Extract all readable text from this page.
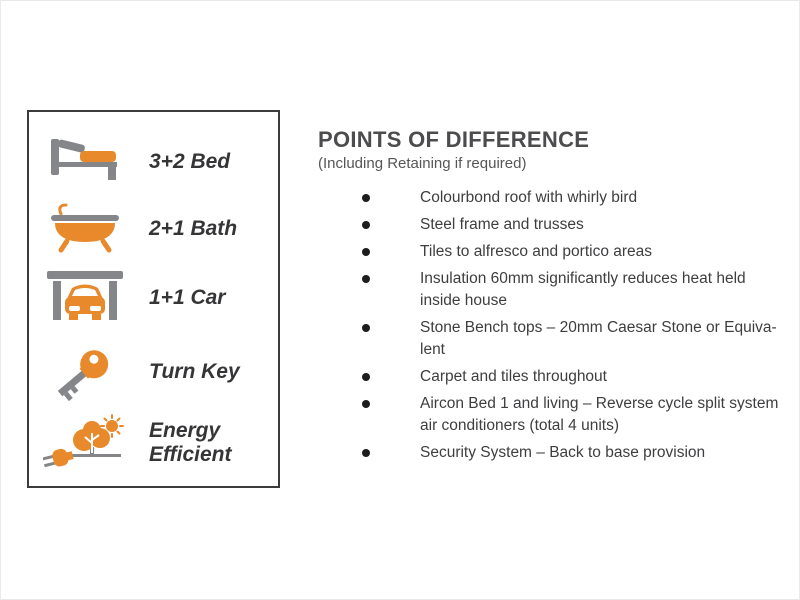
3+2 Bed
2+1 Bath
1+1 Car
Turn Key
Energy Efficient
POINTS OF DIFFERENCE
(Including Retaining if required)
Colourbond roof with whirly bird
Steel frame and trusses
Tiles to alfresco and portico areas
Insulation 60mm significantly reduces heat held inside house
Stone Bench tops – 20mm Caesar Stone or Equiva-lent
Carpet and tiles throughout
Aircon Bed 1 and living – Reverse cycle split system air conditioners (total 4 units)
Security System – Back to base provision
